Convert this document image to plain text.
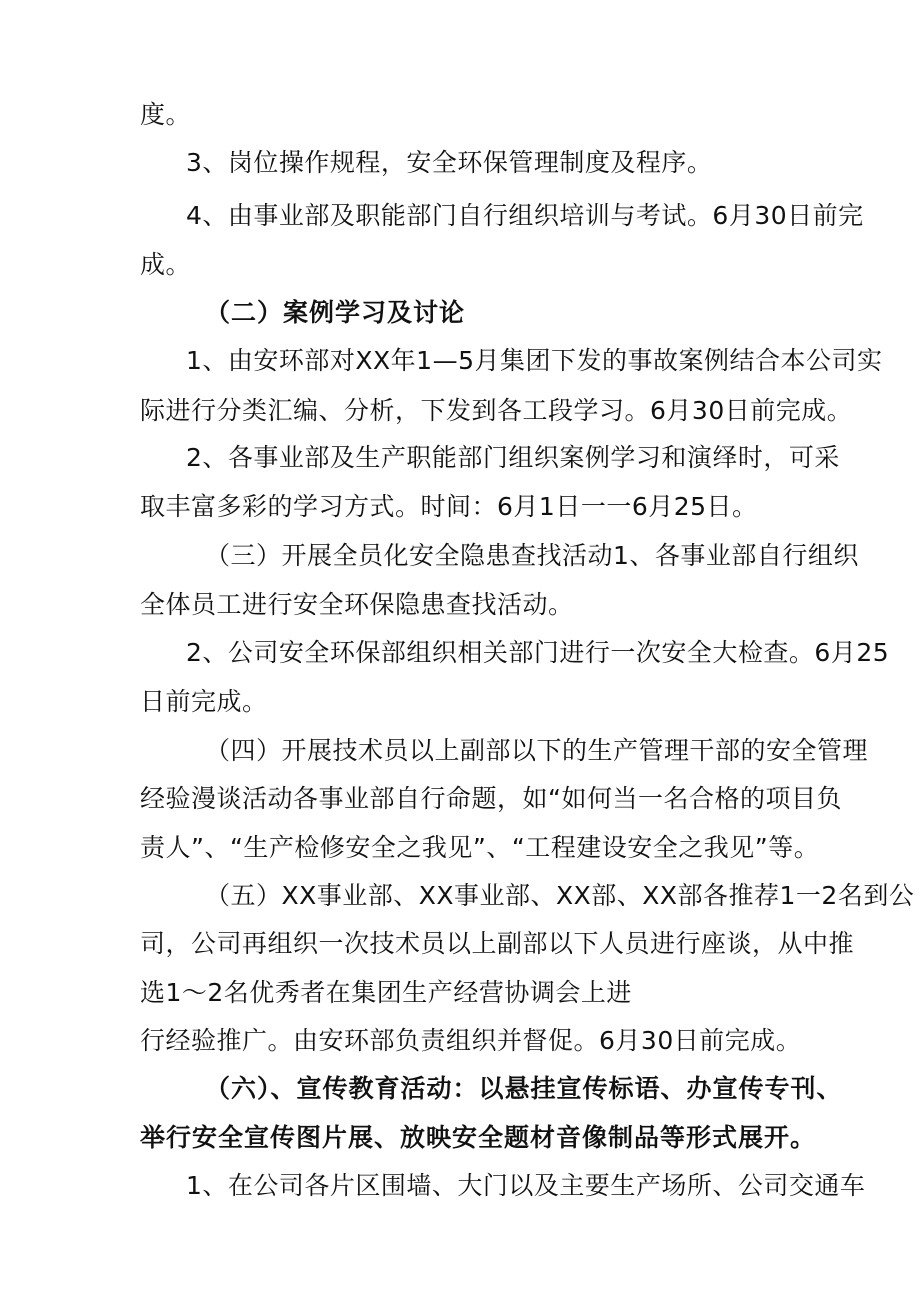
度。
3、岗位操作规程，安全环保管理制度及程序。
4、由事业部及职能部门自行组织培训与考试。6月30日前完
成。
（二）案例学习及讨论
1、由安环部对XX年1—5月集团下发的事故案例结合本公司实
际进行分类汇编、分析，下发到各工段学习。6月30日前完成。
2、各事业部及生产职能部门组织案例学习和演绎时，可采
取丰富多彩的学习方式。时间：6月1日一一6月25日。
（三）开展全员化安全隐患查找活动1、各事业部自行组织
全体员工进行安全环保隐患查找活动。
2、公司安全环保部组织相关部门进行一次安全大检查。6月25
日前完成。
（四）开展技术员以上副部以下的生产管理干部的安全管理
经验漫谈活动各事业部自行命题，如“如何当一名合格的项目负
责人”、“生产检修安全之我见”、“工程建设安全之我见”等。
（五）XX事业部、XX事业部、XX部、XX部各推荐1一2名到公
司，公司再组织一次技术员以上副部以下人员进行座谈，从中推
选1～2名优秀者在集团生产经营协调会上进
行经验推广。由安环部负责组织并督促。6月30日前完成。
（六）、宣传教育活动：以悬挂宣传标语、办宣传专刊、
举行安全宣传图片展、放映安全题材音像制品等形式展开。
1、在公司各片区围墙、大门以及主要生产场所、公司交通车
